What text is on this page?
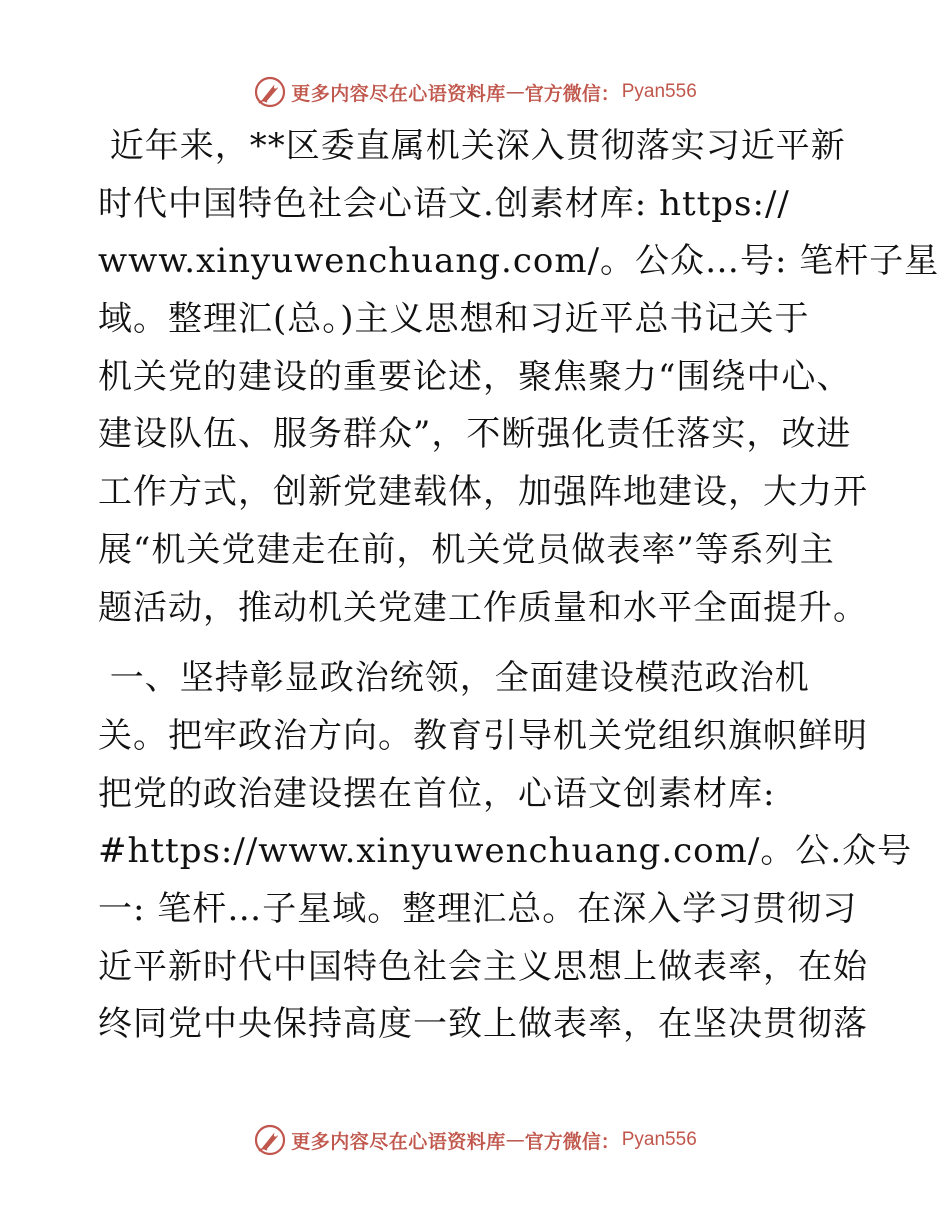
更多内容尽在心语资料库 — 官方微信： Pyan556
近年来，**区委直属机关深入贯彻落实习近平新
时代中国特色社会心语文.创素材库: https://
www.xinyuwenchuang.com/。公众…号: 笔杆子星
域。整理汇(总。)主义思想和习近平总书记关于
机关党的建设的重要论述，聚焦聚力“围绕中心、
建设队伍、服务群众”，不断强化责任落实，改进
工作方式，创新党建载体，加强阵地建设，大力开
展“机关党建走在前，机关党员做表率”等系列主
题活动，推动机关党建工作质量和水平全面提升。
一、坚持彰显政治统领，全面建设模范政治机
关。把牢政治方向。教育引导机关党组织旗帜鲜明
把党的政治建设摆在首位，心语文创素材库:
#https://www.xinyuwenchuang.com/。公.众号
一: 笔杆…子星域。整理汇总。在深入学习贯彻习
近平新时代中国特色社会主义思想上做表率，在始
终同党中央保持高度一致上做表率，在坚决贯彻落
更多内容尽在心语资料库 — 官方微信： Pyan556
